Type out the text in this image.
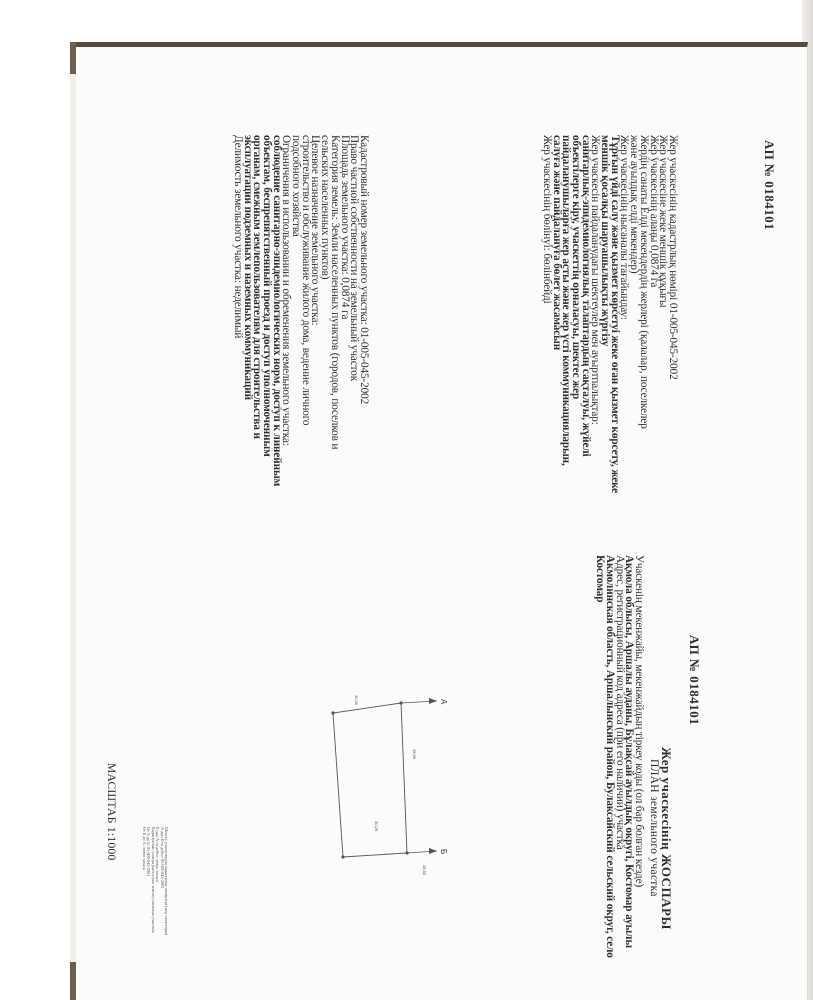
АП № 0184101
Жер учаскесінің кадастрлық нөмірі 01-005-045-2002
Жер учаскесіне жеке меншік құқығы
Жер учаскесінің алаңы 0,0874 га
Жердің санаты Елді мекендердің жерлері (қалалар, поселкелер
және ауылдық елді мекендер)
Жер учаскесінің нысаналы тағайындау:
Тұрғын үйді салу және қызмет көрсетуі жеке оған қызмет көрсету, жеке
меншік қосалқы шаруашылықты жүргізу
Жер учаскесін пайдаланудағы шектеулер мен ауыртпалықтар:
санитарлық-эпидемиологиялық талаптардың сақталуы, жүйелі
объектілерге кіру, учаскеттің орналасуы, шектес жер
пайдаланушыларға жер асты және жер үсті коммуникацияларын,
салуға және пайдалануға бөлет жасамасын
Жер учаскесінің бөлінуі: бөлінбейді
Кадастровый номер земельного участка: 01-005-045-2002
Право частной собственности на земельный участок
Площадь земельного участка: 0,0874 га
Категория земель: Земли населенных пунктов (городов, поселков и
сельских населенных пунктов)
Целевое назначение земельного участка:
строительство и обслуживание жилого дома, ведение личного
подсобного хозяйства
Ограничения в использовании и обременения земельного участка:
соблюдение санитарно-эпидемиологических норм, доступ к линейным
объектам, беспрепятственный проезд и доступ уполномоченным
органам, смежным землепользователям для строительства и
эксплуатации подземных и наземных коммуникаций
Делимость земельного участка: неделимый
АП № 0184101
Жер учаскесінің ЖОСПАРЫ
ПЛАН земельного участка
Учаскенің мекенжайы, мекенжайдың тіркеу коды (ол бар болған кезде)
Ақмола облысы, Аршалы ауданы, Бұлақсай ауылдық округі, Костомар ауылы
Адрес, регистрационный код адреса (при его наличии) участка
Акмолинская область, Аршалынский район, Булаксайский сельский округ, село
Костомар
А
Б
28,90
30,26
28,90
30,30
Шектес учаскелердің кадастрлық нөмірлері (жер санаттары)
А-дан Б-ға дейін: 01-005-045-2001
Б-дан А-ға дейін: земли запаса
Кадастровые номера (категории земель) смежных участков
От А до Б: 01-005-045-2001
От Б до А: земли запаса
МАСШТАБ 1:1000
